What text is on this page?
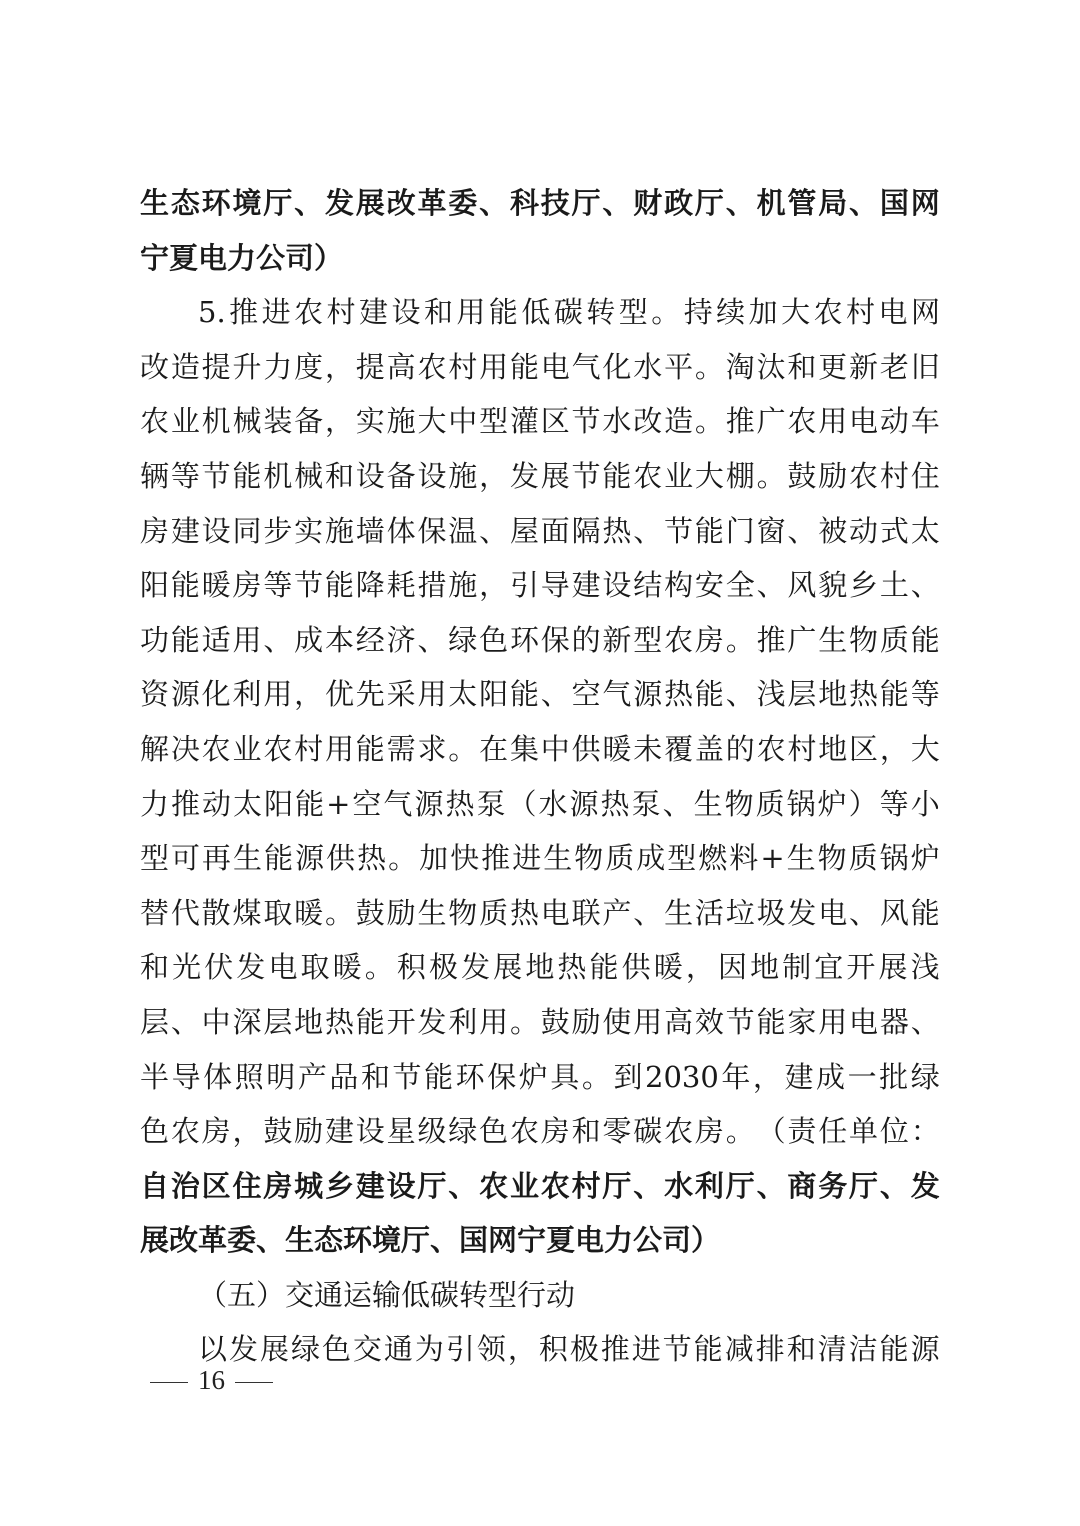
生 态 环 境 厅 、 发 展 改 革 委 、 科 技 厅 、 财 政 厅 、 机 管 局 、 国 网
宁夏电力公司）
5. 推 进 农 村 建 设 和 用 能 低 碳 转 型 。 持 续 加 大 农 村 电 网
改 造 提 升 力 度 ， 提 高 农 村 用 能 电 气 化 水 平 。 淘 汰 和 更 新 老 旧
农 业 机 械 装 备 ， 实 施 大 中 型 灌 区 节 水 改 造 。 推 广 农 用 电 动 车
辆 等 节 能 机 械 和 设 备 设 施 ， 发 展 节 能 农 业 大 棚 。 鼓 励 农 村 住
房 建 设 同 步 实 施 墙 体 保 温 、 屋 面 隔 热 、 节 能 门 窗 、 被 动 式 太
阳 能 暖 房 等 节 能 降 耗 措 施 ， 引 导 建 设 结 构 安 全 、 风 貌 乡 土 、
功 能 适 用 、 成 本 经 济 、 绿 色 环 保 的 新 型 农 房 。 推 广 生 物 质 能
资 源 化 利 用 ， 优 先 采 用 太 阳 能 、 空 气 源 热 能 、 浅 层 地 热 能 等
解 决 农 业 农 村 用 能 需 求 。 在 集 中 供 暖 未 覆 盖 的 农 村 地 区 ， 大
力 推 动 太 阳 能 + 空 气 源 热 泵 （ 水 源 热 泵 、 生 物 质 锅 炉 ） 等 小
型 可 再 生 能 源 供 热 。 加 快 推 进 生 物 质 成 型 燃 料 + 生 物 质 锅 炉
替 代 散 煤 取 暖 。 鼓 励 生 物 质 热 电 联 产 、 生 活 垃 圾 发 电 、 风 能
和 光 伏 发 电 取 暖 。 积 极 发 展 地 热 能 供 暖 ， 因 地 制 宜 开 展 浅
层 、 中 深 层 地 热 能 开 发 利 用 。 鼓 励 使 用 高 效 节 能 家 用 电 器 、
半 导 体 照 明 产 品 和 节 能 环 保 炉 具 。 到 2030 年 ， 建 成 一 批 绿
色 农 房 ， 鼓 励 建 设 星 级 绿 色 农 房 和 零 碳 农 房 。 （ 责 任 单 位 ：
自 治 区 住 房 城 乡 建 设 厅 、 农 业 农 村 厅 、 水 利 厅 、 商 务 厅 、 发
展改革委、生态环境厅、国网宁夏电力公司）
（五）交通运输低碳转型行动
以 发 展 绿 色 交 通 为 引 领 ， 积 极 推 进 节 能 减 排 和 清 洁 能 源
16
